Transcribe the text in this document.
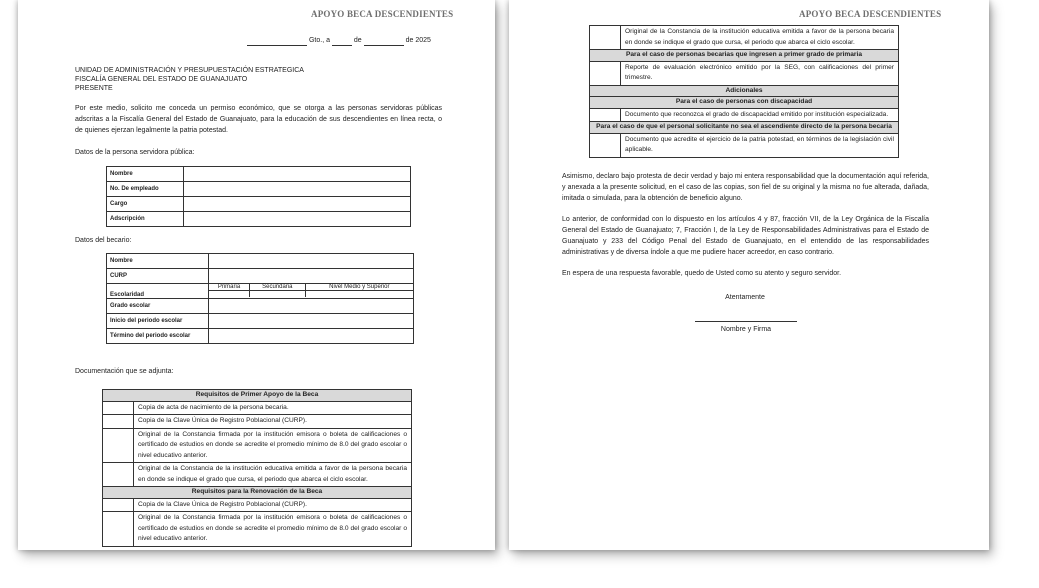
APOYO BECA DESCENDIENTES
Gto., a	de	de 2025
UNIDAD DE ADMINISTRACIÓN Y PRESUPUESTACIÓN ESTRATEGICA
FISCALÍA GENERAL DEL ESTADO DE GUANAJUATO
PRESENTE
Por este medio, solicito me conceda un permiso económico, que se otorga a las personas servidoras públicas adscritas a la Fiscalía General del Estado de Guanajuato, para la educación de sus descendientes en línea recta, o de quienes ejerzan legalmente la patria potestad.
Datos de la persona servidora pública:
Nombre	
No. De empleado	
Cargo	
Adscripción	
Datos del becario:
Nombre	
CURP	
Escolaridad	
Primaria	Secundaria	Nivel Medio y Superior

Grado escolar	
Inicio del periodo escolar	
Término del periodo escolar	
Documentación que se adjunta:
Requisitos de Primer Apoyo de la Beca	
	Copia de acta de nacimiento de la persona becaria.
	Copia de la Clave Única de Registro Poblacional (CURP).
	Original de la Constancia firmada por la institución emisora o boleta de calificaciones o certificado de estudios en donde se acredite el promedio mínimo de 8.0 del grado escolar o nivel educativo anterior.
	Original de la Constancia de la institución educativa emitida a favor de la persona becaria en donde se indique el grado que cursa, el periodo que abarca el ciclo escolar.
Requisitos para la Renovación de la Beca	
	Copia de la Clave Única de Registro Poblacional (CURP).
	Original de la Constancia firmada por la institución emisora o boleta de calificaciones o certificado de estudios en donde se acredite el promedio mínimo de 8.0 del grado escolar o nivel educativo anterior.
APOYO BECA DESCENDIENTES
	Original de la Constancia de la institución educativa emitida a favor de la persona becaria en donde se indique el grado que cursa, el periodo que abarca el ciclo escolar.
Para el caso de personas becarias que ingresen a primer grado de primaria	
	Reporte de evaluación electrónico emitido por la SEG, con calificaciones del primer trimestre.
Adicionales	
Para el caso de personas con discapacidad	
	Documento que reconozca el grado de discapacidad emitido por institución especializada.
Para el caso de que el personal solicitante no sea el ascendiente directo de la persona becaria	
	Documento que acredite el ejercicio de la patria potestad, en términos de la legislación civil aplicable.
Asimismo, declaro bajo protesta de decir verdad y bajo mi entera responsabilidad que la documentación aquí referida, y anexada a la presente solicitud, en el caso de las copias, son fiel de su original y la misma no fue alterada, dañada, imitada o simulada, para la obtención de beneficio alguno.
Lo anterior, de conformidad con lo dispuesto en los artículos 4 y 87, fracción VII, de la Ley Orgánica de la Fiscalía General del Estado de Guanajuato; 7, Fracción I, de la Ley de Responsabilidades Administrativas para el Estado de Guanajuato y 233 del Código Penal del Estado de Guanajuato, en el entendido de las responsabilidades administrativas y de diversa índole a que me pudiere hacer acreedor, en caso contrario.
En espera de una respuesta favorable, quedo de Usted como su atento y seguro servidor.
Atentamente
Nombre y Firma
